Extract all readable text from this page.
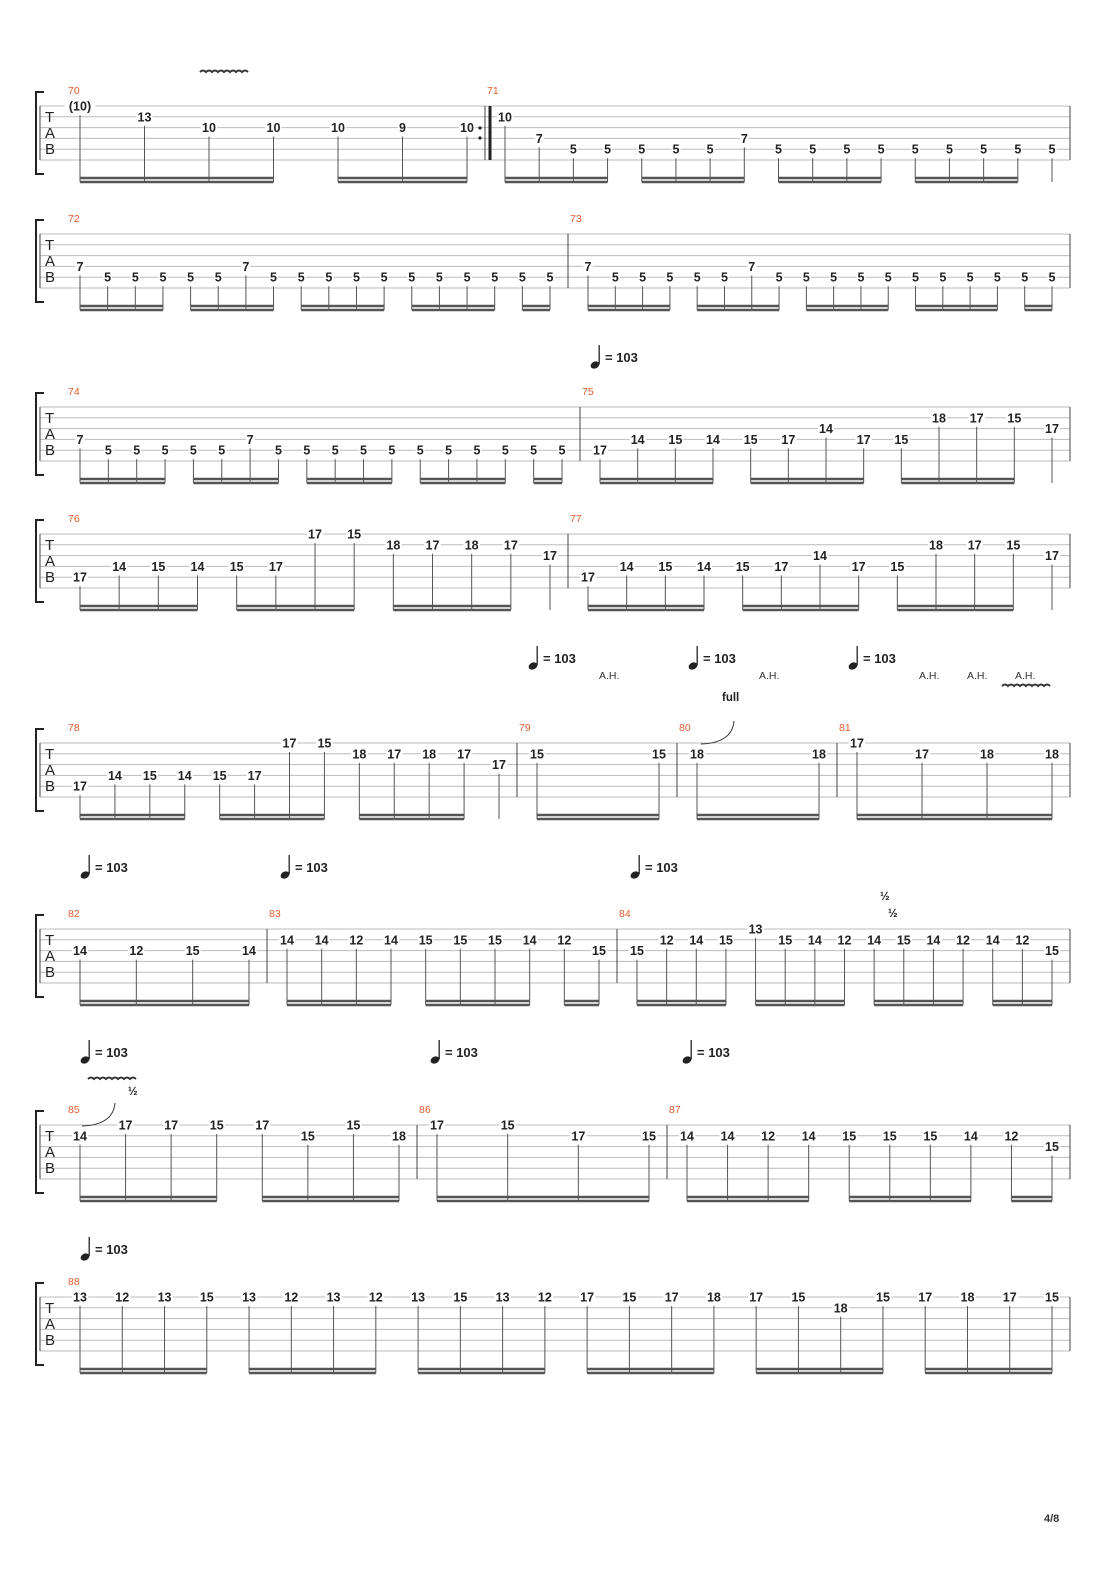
T
A
B
70
(10)
13
10	10	10	9	10
71
10
7
5 5 5 5 5
7
5 5 5 5 5 5 5 5 5
T
A
B
72
7
5 5 5 5 5
7
5 5 5 5 5 5 5 5 5 5 5
73
7
5 5 5 5 5
7
5 5 5 5 5 5 5 5 5 5 5
T
A
B
= 103
74
7
5 5 5 5 5
7
5 5 5 5 5 5 5 5 5 5 5
75
17
14 15 14 15 17
14
17 15
18 17 15
17
T
A
B
76
17
14 15 14 15 17
17 15
18 17 18 17
17
77
17
14 15 14 15 17
14
17 15
18 17 15
17
T
A
B
= 103	= 103	= 103
78
17
14 15 14 15 17
17 15
18 17 18 17
17
79
15	15
A.H.
80
18	18
A.H.
full
81
17
17	18	18
A.H.	A.H.	A.H.
T
A
B
= 103	= 103	= 103
82
14	12	15	14
83
14 14 12 14 15 15 15 14 12
15
84
15
12 14 15
13
15 14 12 14 15 14 12 14 12
15
½
½
T
A
B
= 103	= 103	= 103
85
14
17	17	15	17
15
15
18
½
86
17	15
17	15
87
14 14 12 14 15 15 15 14 12
15
T
A
B
= 103
88
13 12 13 15 13 12 13 12 13 15 13 12 17 15 17 18 17 15
18
15 17 18 17 15
4/8
